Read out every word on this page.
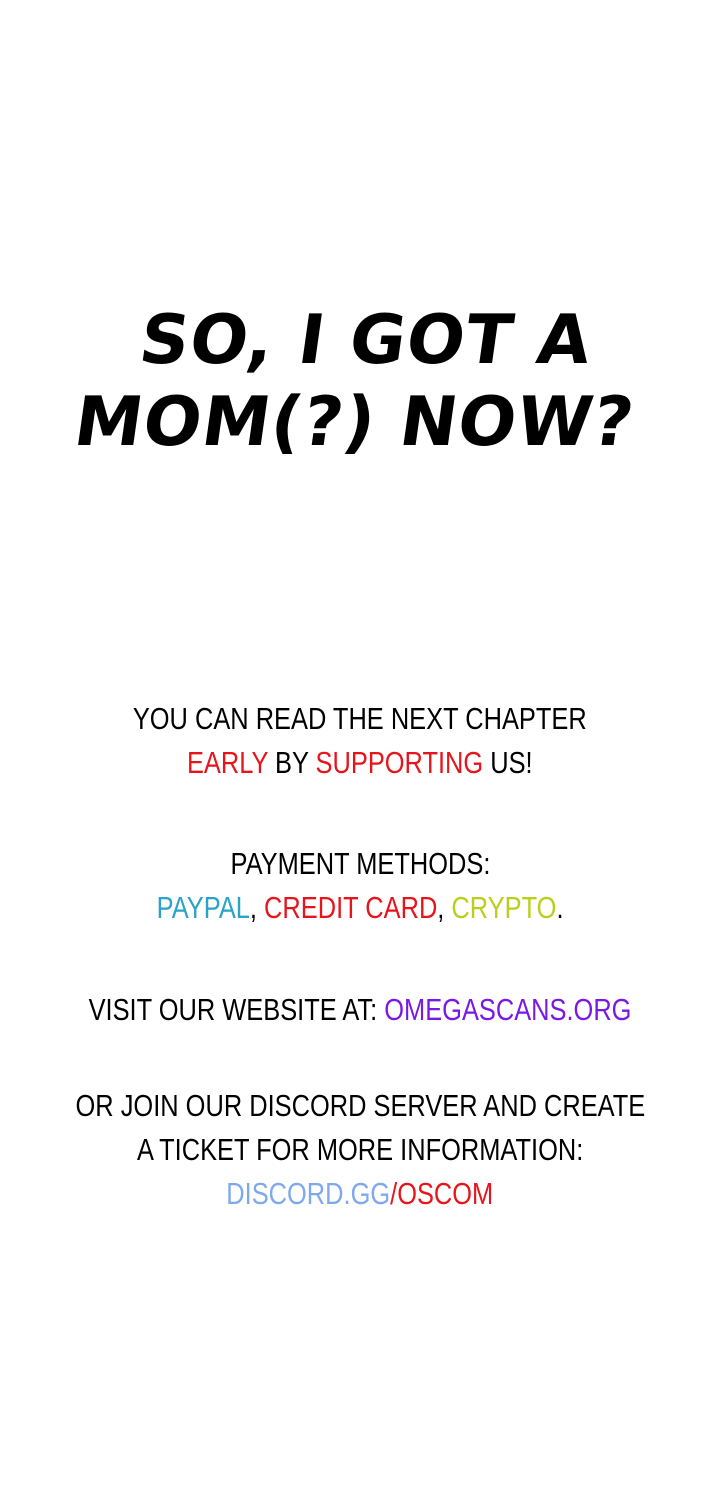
SO, I GOT A
MOM(?) NOW?
YOU CAN READ THE NEXT CHAPTER
EARLY BY SUPPORTING US!
PAYMENT METHODS:
PAYPAL, CREDIT CARD, CRYPTO.
VISIT OUR WEBSITE AT: OMEGASCANS.ORG
OR JOIN OUR DISCORD SERVER AND CREATE
A TICKET FOR MORE INFORMATION:
DISCORD.GG/OSCOM
